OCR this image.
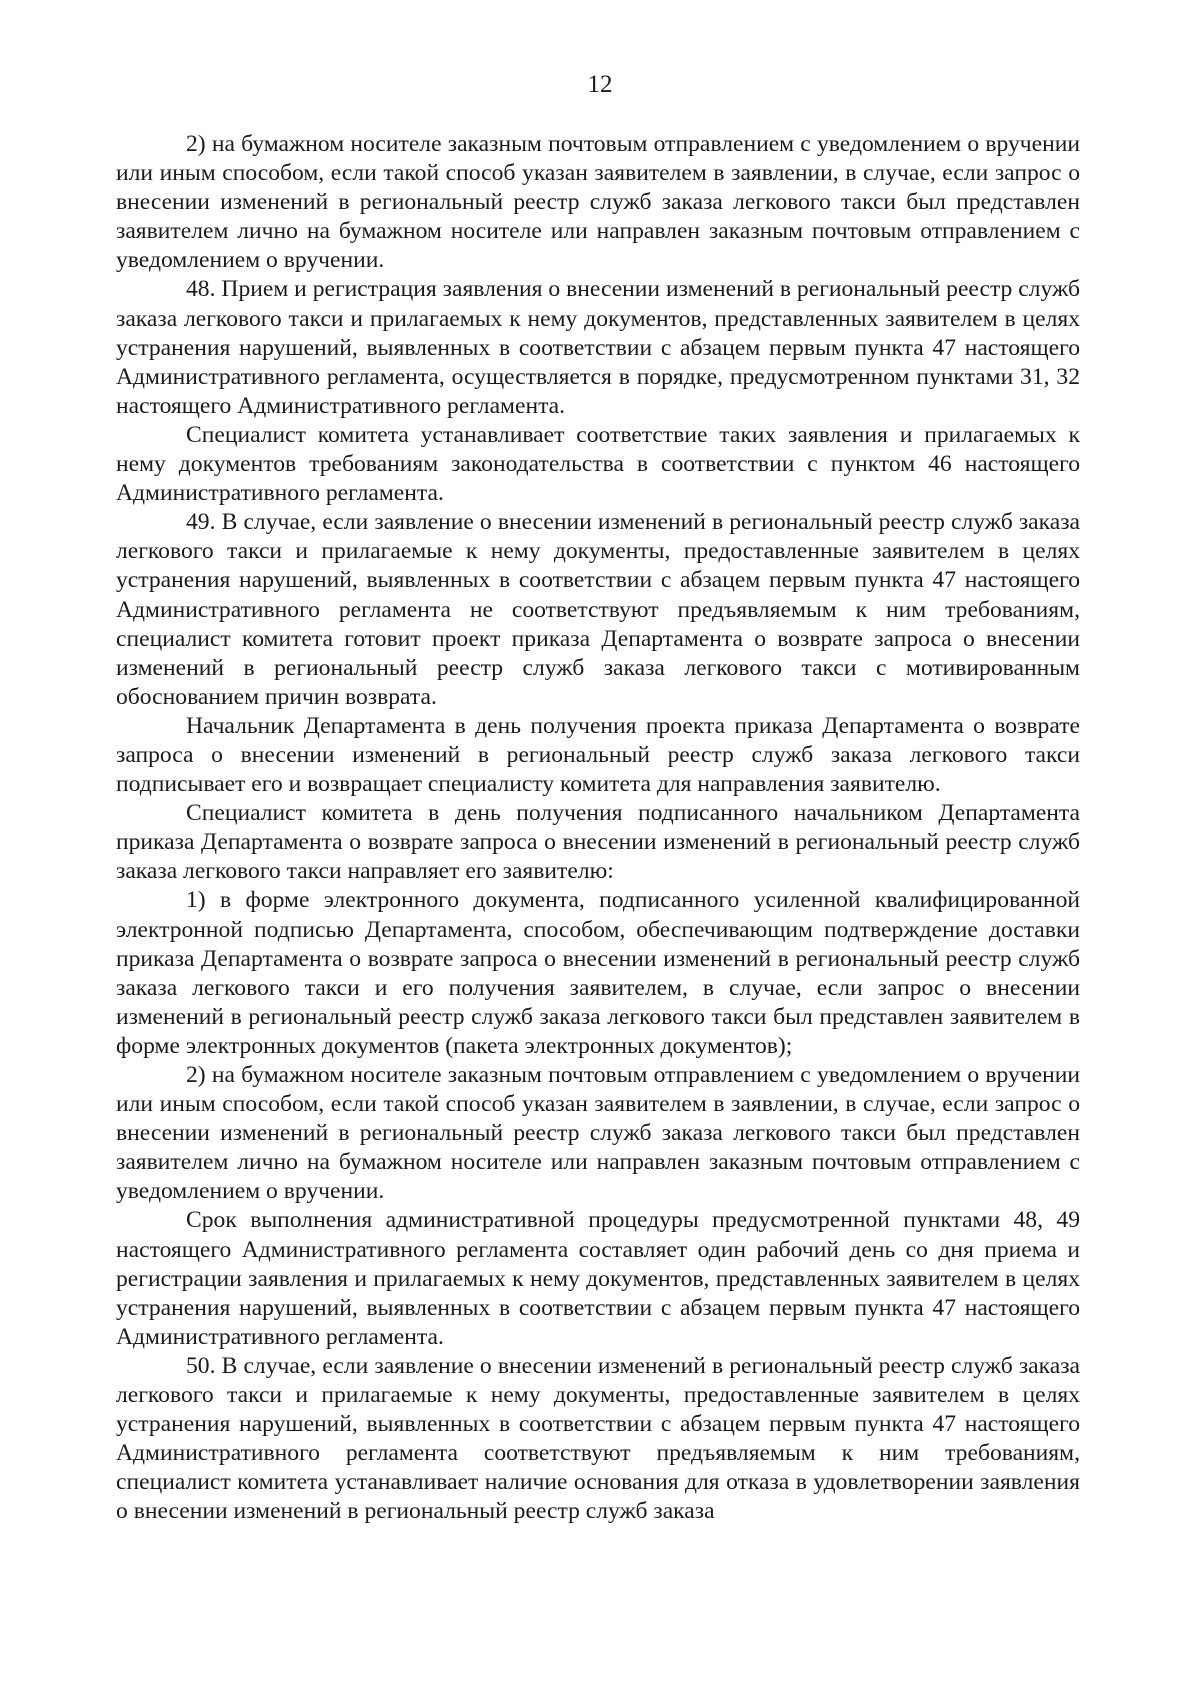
12

2) на бумажном носителе заказным почтовым отправлением с уведомлением о вручении или иным способом, если такой способ указан заявителем в заявлении, в случае, если запрос о внесении изменений в региональный реестр служб заказа легкового такси был представлен заявителем лично на бумажном носителе или направлен заказным почтовым отправлением с уведомлением о вручении.

48. Прием и регистрация заявления о внесении изменений в региональный реестр служб заказа легкового такси и прилагаемых к нему документов, представленных заявителем в целях устранения нарушений, выявленных в соответствии с абзацем первым пункта 47 настоящего Административного регламента, осуществляется в порядке, предусмотренном пунктами 31, 32 настоящего Административного регламента.

Специалист комитета устанавливает соответствие таких заявления и прилагаемых к нему документов требованиям законодательства в соответствии с пунктом 46 настоящего Административного регламента.

49. В случае, если заявление о внесении изменений в региональный реестр служб заказа легкового такси и прилагаемые к нему документы, предоставленные заявителем в целях устранения нарушений, выявленных в соответствии с абзацем первым пункта 47 настоящего Административного регламента не соответствуют предъявляемым к ним требованиям, специалист комитета готовит проект приказа Департамента о возврате запроса о внесении изменений в региональный реестр служб заказа легкового такси с мотивированным обоснованием причин возврата.

Начальник Департамента в день получения проекта приказа Департамента о возврате запроса о внесении изменений в региональный реестр служб заказа легкового такси подписывает его и возвращает специалисту комитета для направления заявителю.

Специалист комитета в день получения подписанного начальником Департамента приказа Департамента о возврате запроса о внесении изменений в региональный реестр служб заказа легкового такси направляет его заявителю:

1) в форме электронного документа, подписанного усиленной квалифицированной электронной подписью Департамента, способом, обеспечивающим подтверждение доставки приказа Департамента о возврате запроса о внесении изменений в региональный реестр служб заказа легкового такси и его получения заявителем, в случае, если запрос о внесении изменений в региональный реестр служб заказа легкового такси был представлен заявителем в форме электронных документов (пакета электронных документов);

2) на бумажном носителе заказным почтовым отправлением с уведомлением о вручении или иным способом, если такой способ указан заявителем в заявлении, в случае, если запрос о внесении изменений в региональный реестр служб заказа легкового такси был представлен заявителем лично на бумажном носителе или направлен заказным почтовым отправлением с уведомлением о вручении.

Срок выполнения административной процедуры предусмотренной пунктами 48, 49 настоящего Административного регламента составляет один рабочий день со дня приема и регистрации заявления и прилагаемых к нему документов, представленных заявителем в целях устранения нарушений, выявленных в соответствии с абзацем первым пункта 47 настоящего Административного регламента.

50. В случае, если заявление о внесении изменений в региональный реестр служб заказа легкового такси и прилагаемые к нему документы, предоставленные заявителем в целях устранения нарушений, выявленных в соответствии с абзацем первым пункта 47 настоящего Административного регламента соответствуют предъявляемым к ним требованиям, специалист комитета устанавливает наличие основания для отказа в удовлетворении заявления о внесении изменений в региональный реестр служб заказа
